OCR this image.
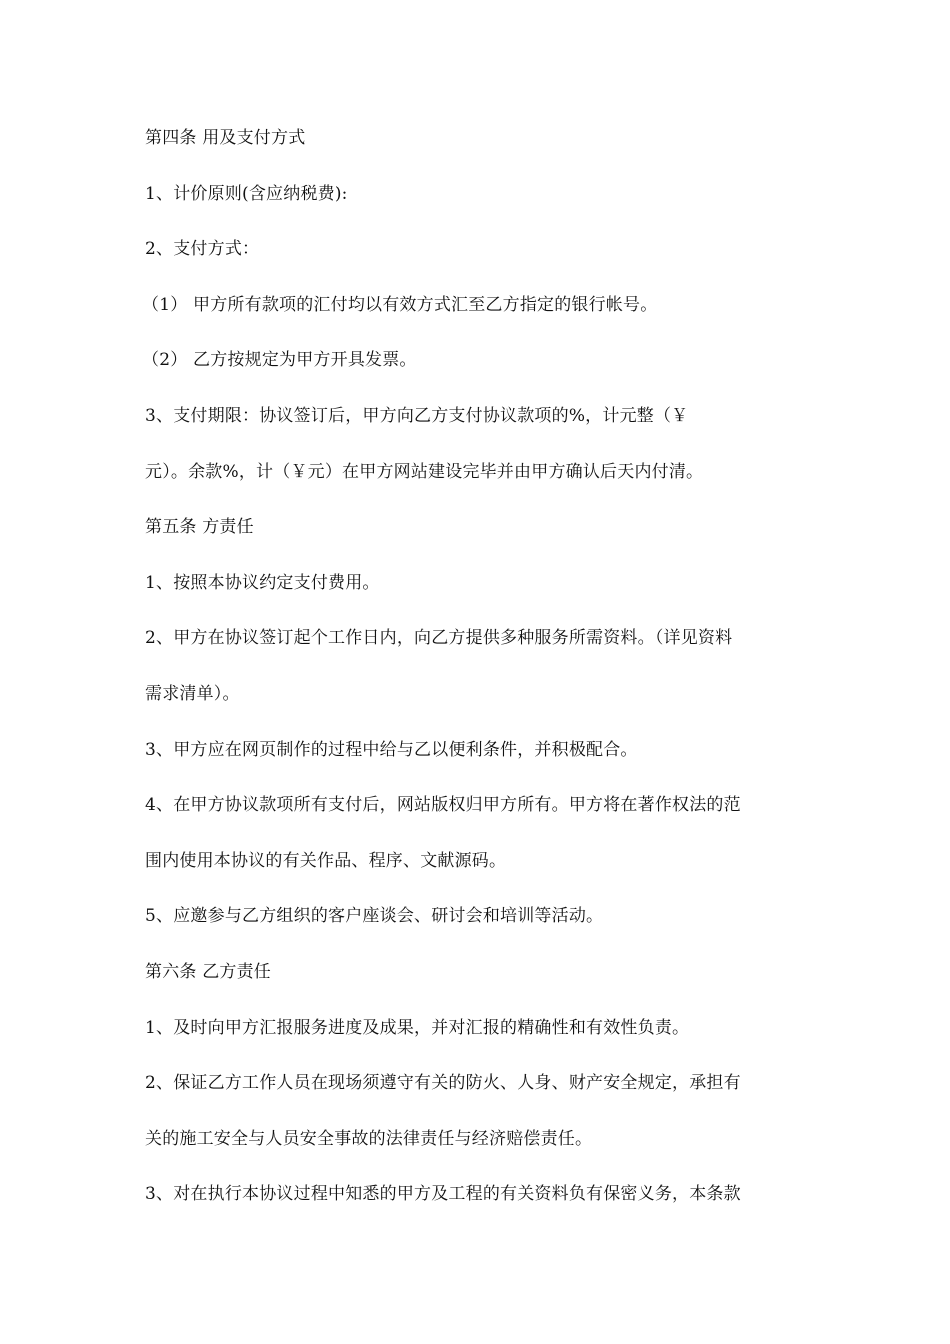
第四条 用及支付方式
1、计价原则(含应纳税费):
2、支付方式：
（1） 甲方所有款项的汇付均以有效方式汇至乙方指定的银行帐号。
（2） 乙方按规定为甲方开具发票。
3、支付期限：协议签订后，甲方向乙方支付协议款项的%，计元整（￥
元）。余款%，计（￥元）在甲方网站建设完毕并由甲方确认后天内付清。
第五条 方责任
1、按照本协议约定支付费用。
2、甲方在协议签订起个工作日内，向乙方提供多种服务所需资料。（详见资料
需求清单）。
3、甲方应在网页制作的过程中给与乙以便利条件，并积极配合。
4、在甲方协议款项所有支付后，网站版权归甲方所有。甲方将在著作权法的范
围内使用本协议的有关作品、程序、文献源码。
5、应邀参与乙方组织的客户座谈会、研讨会和培训等活动。
第六条 乙方责任
1、及时向甲方汇报服务进度及成果，并对汇报的精确性和有效性负责。
2、保证乙方工作人员在现场须遵守有关的防火、人身、财产安全规定，承担有
关的施工安全与人员安全事故的法律责任与经济赔偿责任。
3、对在执行本协议过程中知悉的甲方及工程的有关资料负有保密义务，本条款
